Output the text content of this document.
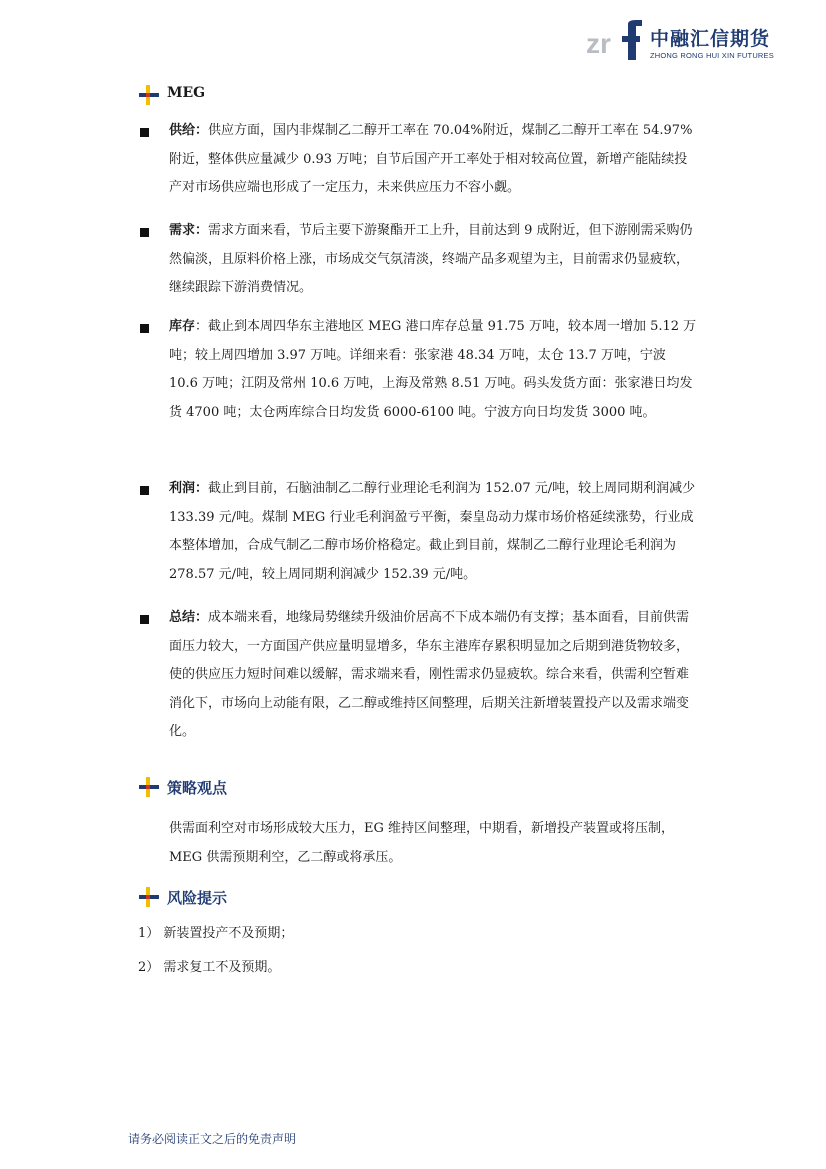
zr 中融汇信期货
ZHONG RONG HUI XIN FUTURES
MEG
供给：供应方面，国内非煤制乙二醇开工率在 70.04%附近，煤制乙二醇开工率在 54.97%附近，整体供应量减少 0.93 万吨；自节后国产开工率处于相对较高位置，新增产能陆续投产对市场供应端也形成了一定压力，未来供应压力不容小觑。
需求：需求方面来看，节后主要下游聚酯开工上升，目前达到 9 成附近，但下游刚需采购仍然偏淡，且原料价格上涨，市场成交气氛清淡，终端产品多观望为主，目前需求仍显疲软，继续跟踪下游消费情况。
库存：截止到本周四华东主港地区 MEG 港口库存总量 91.75 万吨，较本周一增加 5.12 万吨；较上周四增加 3.97 万吨。详细来看：张家港 48.34 万吨，太仓 13.7 万吨，宁波 10.6 万吨；江阴及常州 10.6 万吨，上海及常熟 8.51 万吨。码头发货方面：张家港日均发货 4700 吨；太仓两库综合日均发货 6000-6100 吨。宁波方向日均发货 3000 吨。
利润：截止到目前，石脑油制乙二醇行业理论毛利润为 152.07 元/吨，较上周同期利润减少 133.39 元/吨。煤制 MEG 行业毛利润盈亏平衡，秦皇岛动力煤市场价格延续涨势，行业成本整体增加，合成气制乙二醇市场价格稳定。截止到目前，煤制乙二醇行业理论毛利润为 278.57 元/吨，较上周同期利润减少 152.39 元/吨。
总结：成本端来看，地缘局势继续升级油价居高不下成本端仍有支撑；基本面看，目前供需面压力较大，一方面国产供应量明显增多，华东主港库存累积明显加之后期到港货物较多，使的供应压力短时间难以缓解，需求端来看，刚性需求仍显疲软。综合来看，供需利空暂难消化下，市场向上动能有限，乙二醇或维持区间整理，后期关注新增装置投产以及需求端变化。
策略观点
供需面利空对市场形成较大压力，EG 维持区间整理，中期看，新增投产装置或将压制，MEG 供需预期利空，乙二醇或将承压。
风险提示
1） 新装置投产不及预期；
2） 需求复工不及预期。
请务必阅读正文之后的免责声明
